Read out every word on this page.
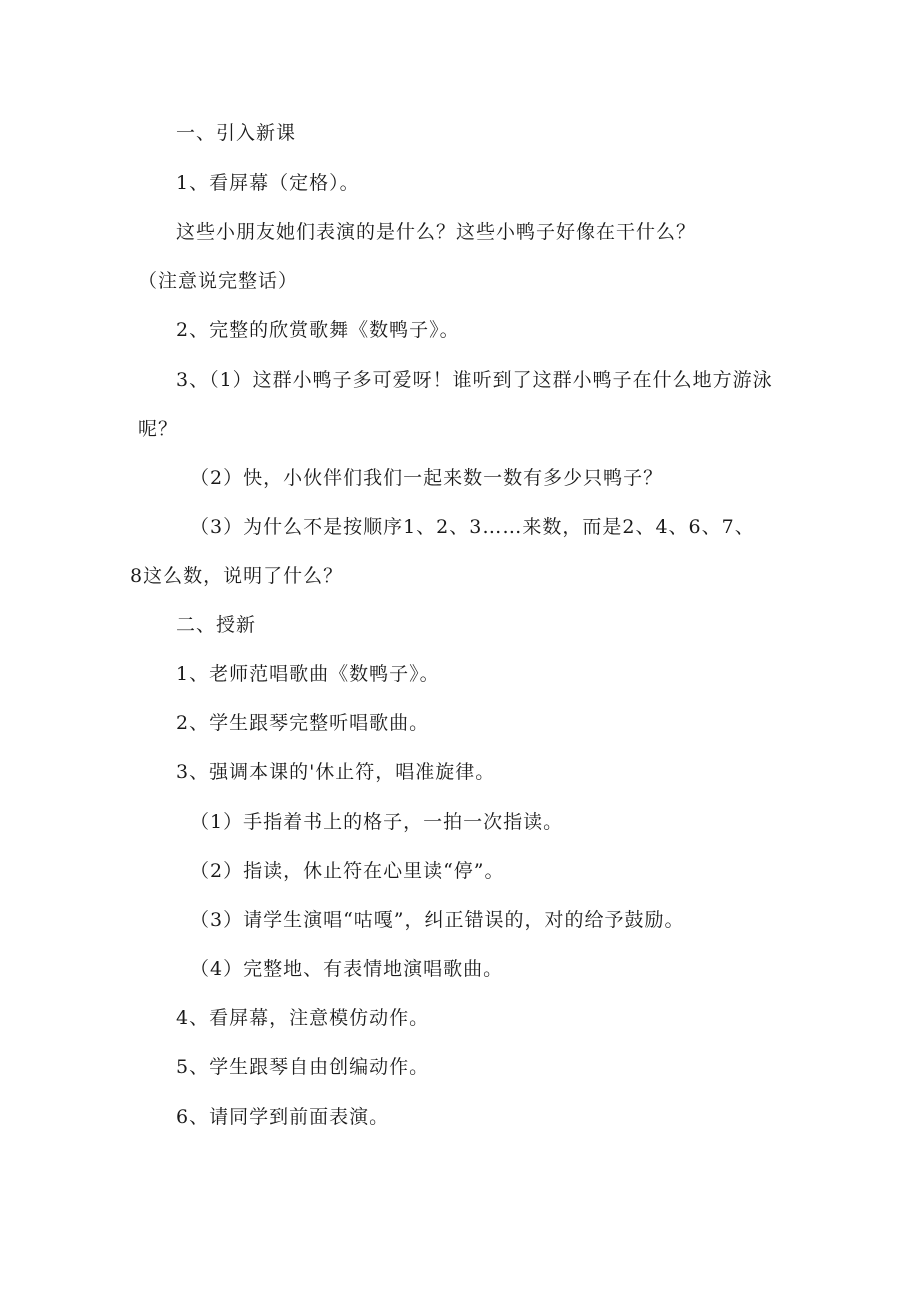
一、引入新课
1、看屏幕（定格）。
这些小朋友她们表演的是什么？这些小鸭子好像在干什么？
（注意说完整话）
2、完整的欣赏歌舞《数鸭子》。
3、（1）这群小鸭子多可爱呀！谁听到了这群小鸭子在什么地方游泳
呢？
（2）快，小伙伴们我们一起来数一数有多少只鸭子？
（3）为什么不是按顺序1、2、3……来数，而是2、4、6、7、
8这么数，说明了什么？
二、授新
1、老师范唱歌曲《数鸭子》。
2、学生跟琴完整听唱歌曲。
3、强调本课的'休止符，唱准旋律。
（1）手指着书上的格子，一拍一次指读。
（2）指读，休止符在心里读“停”。
（3）请学生演唱“咕嘎”，纠正错误的，对的给予鼓励。
（4）完整地、有表情地演唱歌曲。
4、看屏幕，注意模仿动作。
5、学生跟琴自由创编动作。
6、请同学到前面表演。
